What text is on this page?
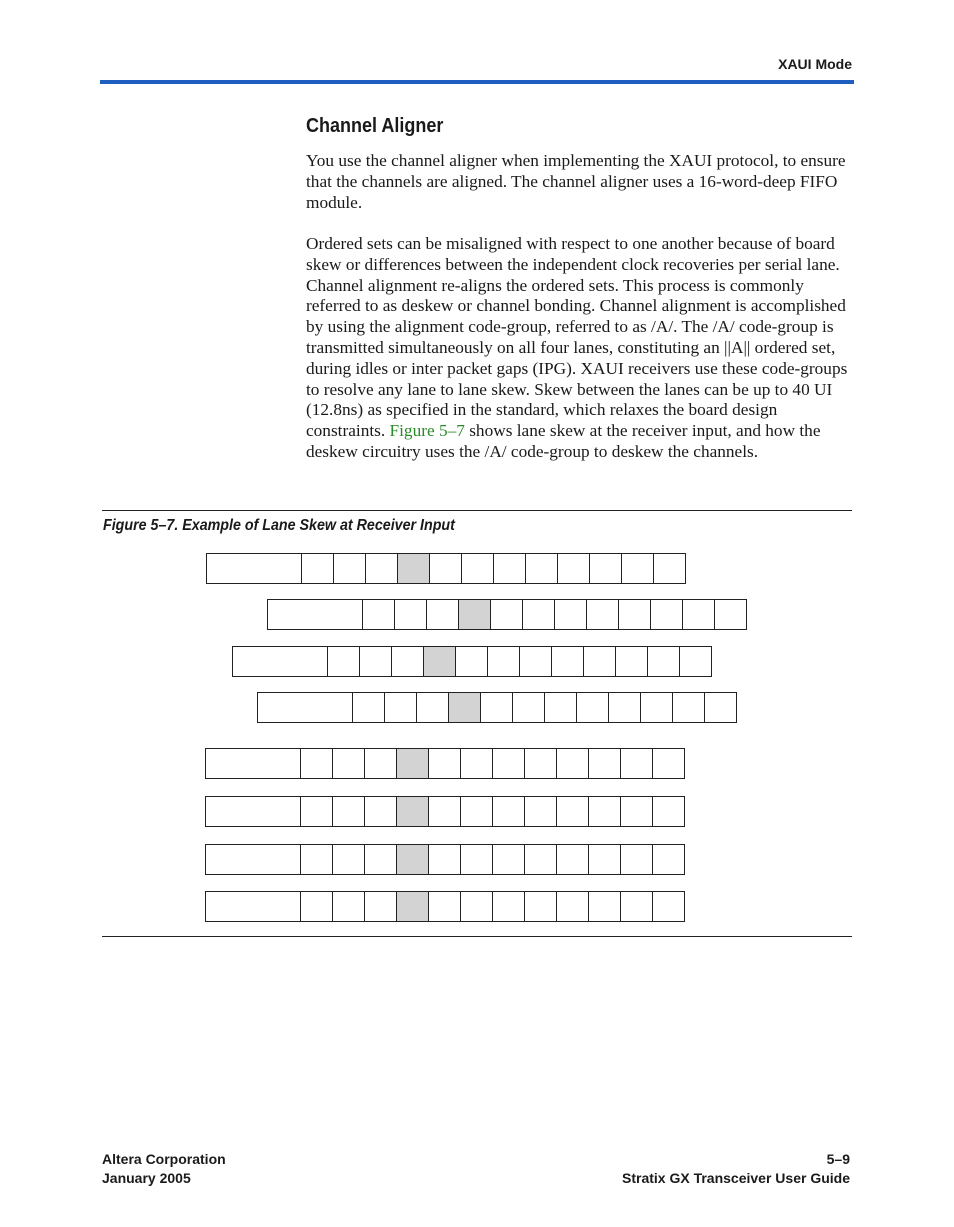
XAUI Mode
Channel Aligner

You use the channel aligner when implementing the XAUI protocol, to ensure that the channels are aligned. The channel aligner uses a 16-word-deep FIFO module.

Ordered sets can be misaligned with respect to one another because of board skew or differences between the independent clock recoveries per serial lane. Channel alignment re-aligns the ordered sets. This process is commonly referred to as deskew or channel bonding. Channel alignment is accomplished by using the alignment code-group, referred to as /A/. The /A/ code-group is transmitted simultaneously on all four lanes, constituting an ||A|| ordered set, during idles or inter packet gaps (IPG). XAUI receivers use these code-groups to resolve any lane to lane skew. Skew between the lanes can be up to 40 UI (12.8ns) as specified in the standard, which relaxes the board design constraints. Figure 5–7 shows lane skew at the receiver input, and how the deskew circuitry uses the /A/ code-group to deskew the channels.

Figure 5–7. Example of Lane Skew at Receiver Input
Altera Corporation
January 2005
5–9
Stratix GX Transceiver User Guide
